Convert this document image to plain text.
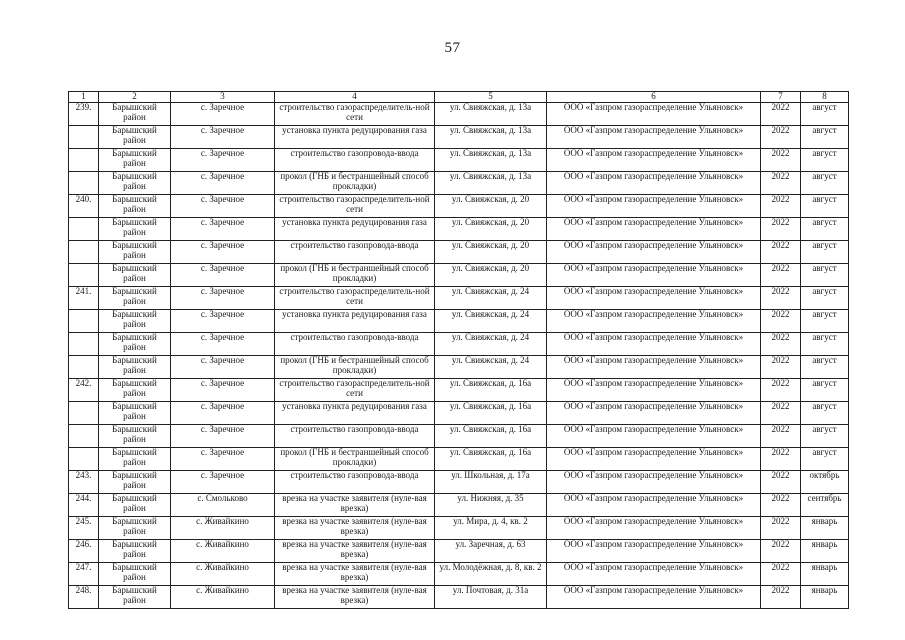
57
1	2	3	4	5	6	7	8
239.	Барышский район	с. Заречное	строительство газораспределитель-ной сети	ул. Свияжская, д. 13а	ООО «Газпром газораспределение Ульяновск»	2022	август
	Барышский район	с. Заречное	установка пункта редуцирования газа	ул. Свияжская, д. 13а	ООО «Газпром газораспределение Ульяновск»	2022	август
	Барышский район	с. Заречное	строительство газопровода-ввода	ул. Свияжская, д. 13а	ООО «Газпром газораспределение Ульяновск»	2022	август
	Барышский район	с. Заречное	прокол (ГНБ и бестраншейный способ прокладки)	ул. Свияжская, д. 13а	ООО «Газпром газораспределение Ульяновск»	2022	август
240.	Барышский район	с. Заречное	строительство газораспределитель-ной сети	ул. Свияжская, д. 20	ООО «Газпром газораспределение Ульяновск»	2022	август
	Барышский район	с. Заречное	установка пункта редуцирования газа	ул. Свияжская, д. 20	ООО «Газпром газораспределение Ульяновск»	2022	август
	Барышский район	с. Заречное	строительство газопровода-ввода	ул. Свияжская, д. 20	ООО «Газпром газораспределение Ульяновск»	2022	август
	Барышский район	с. Заречное	прокол (ГНБ и бестраншейный способ прокладки)	ул. Свияжская, д. 20	ООО «Газпром газораспределение Ульяновск»	2022	август
241.	Барышский район	с. Заречное	строительство газораспределитель-ной сети	ул. Свияжская, д. 24	ООО «Газпром газораспределение Ульяновск»	2022	август
	Барышский район	с. Заречное	установка пункта редуцирования газа	ул. Свияжская, д. 24	ООО «Газпром газораспределение Ульяновск»	2022	август
	Барышский район	с. Заречное	строительство газопровода-ввода	ул. Свияжская, д. 24	ООО «Газпром газораспределение Ульяновск»	2022	август
	Барышский район	с. Заречное	прокол (ГНБ и бестраншейный способ прокладки)	ул. Свияжская, д. 24	ООО «Газпром газораспределение Ульяновск»	2022	август
242.	Барышский район	с. Заречное	строительство газораспределитель-ной сети	ул. Свияжская, д. 16а	ООО «Газпром газораспределение Ульяновск»	2022	август
	Барышский район	с. Заречное	установка пункта редуцирования газа	ул. Свияжская, д. 16а	ООО «Газпром газораспределение Ульяновск»	2022	август
	Барышский район	с. Заречное	строительство газопровода-ввода	ул. Свияжская, д. 16а	ООО «Газпром газораспределение Ульяновск»	2022	август
	Барышский район	с. Заречное	прокол (ГНБ и бестраншейный способ прокладки)	ул. Свияжская, д. 16а	ООО «Газпром газораспределение Ульяновск»	2022	август
243.	Барышский район	с. Заречное	строительство газопровода-ввода	ул. Школьная, д. 17а	ООО «Газпром газораспределение Ульяновск»	2022	октябрь
244.	Барышский район	с. Смольково	врезка на участке заявителя (нуле-вая врезка)	ул. Нижняя, д. 35	ООО «Газпром газораспределение Ульяновск»	2022	сентябрь
245.	Барышский район	с. Живайкино	врезка на участке заявителя (нуле-вая врезка)	ул. Мира, д. 4, кв. 2	ООО «Газпром газораспределение Ульяновск»	2022	январь
246.	Барышский район	с. Живайкино	врезка на участке заявителя (нуле-вая врезка)	ул. Заречная, д. 63	ООО «Газпром газораспределение Ульяновск»	2022	январь
247.	Барышский район	с. Живайкино	врезка на участке заявителя (нуле-вая врезка)	ул. Молодёжная, д. 8, кв. 2	ООО «Газпром газораспределение Ульяновск»	2022	январь
248.	Барышский район	с. Живайкино	врезка на участке заявителя (нуле-вая врезка)	ул. Почтовая, д. 31а	ООО «Газпром газораспределение Ульяновск»	2022	январь
